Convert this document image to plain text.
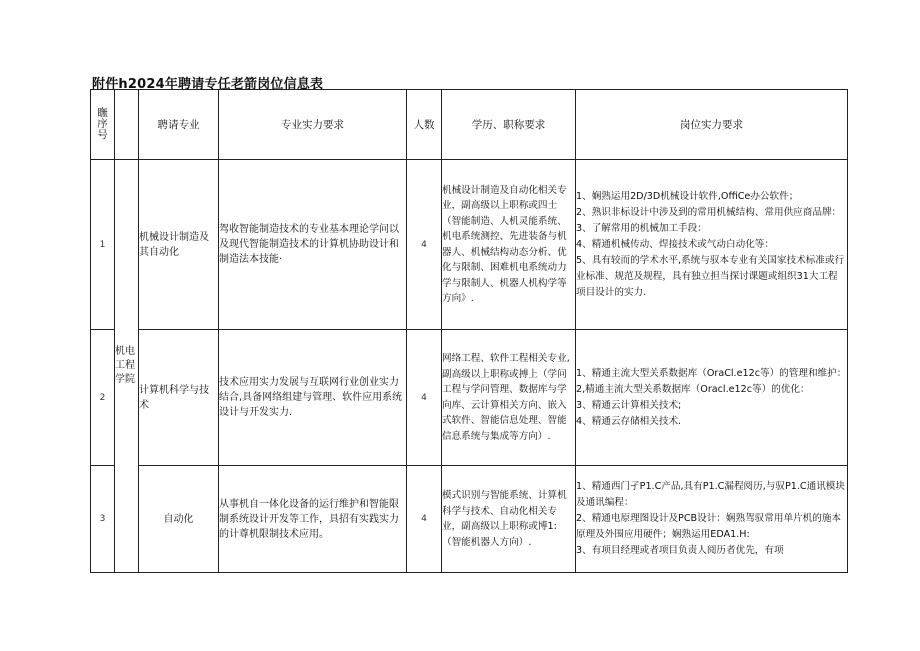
附件h2024年聘请专任老箭岗位信息表
瞴序号		聘请专业	专业实力要求	人数	学历、职称要求	岗位实力要求
1	机电工程学院	机械设计制造及其自动化	驾收智能制造技术的专业基本理论学问以及现代智能制造技术的计算机协助设计和制造法本技能·	4	机械设计制造及自动化相关专业，副高级以上职称或四士（智能制造、人机灵能系统、机电系统测控、先进装备与机器人、机械结构动态分析、优化与限制、困难机电系统动力学与限制人、机器人机构学等方向》.	1、娴熟运用2D/3D机械设计软件,OffiCe办公软件；
2、熟识非标设计中涉及到的常用机械结构、常用供应商品牌：
3、了解常用的机械加工手段：
4、精通机械传动、焊接技术或气动白动化等：
5、具有较而的学术水平,系统与驭本专业有关国家技术标准或行业标准、规范及规程，具有独立担当探讨课题或组织31大工程项目设计的实力.

2		计算机科学与技术	技术应用实力发展与互联网行业创业实力结合,具备网络组建与管理、软件应用系统设计与开发实力.	4	网络工程、软件工程相关专业,副高级以上职称或搏上（学问工程与学问管理、数据库与学向库、云计算相关方向、嵌入式软件、智能信息处理、智能信息系统与集成等方向）.	1、精通主流大型关系数据库（OraCl.e12c等）的管理和维护：
2,精通主流大型关系数据库（Oracl.e12c等）的优化：
3、精通云计算相关技术;
4、精通云存储相关技术.

3		自动化	从事机自一体化设备的运行维护和智能限制系统设计开发等工作，具招有实践实力的计尊机限制技术应用。	4	模式识别与智能系统、计算机科学与技术、自动化相关专业，副高级以上职称或博1:（智能机器人方向）.	1、精通西门孑P1.C产品,具有P1.C漏程阅历,与驭P1.C通讯模块及通讯编程：
2、精通电原理图设计及PCB设计：娴熟驾驭常用单片机的施本原理及外围应用硬件；娴熟运用EDA1.H:
3、有项目经理或者项目负责人阅历者优先，有项
